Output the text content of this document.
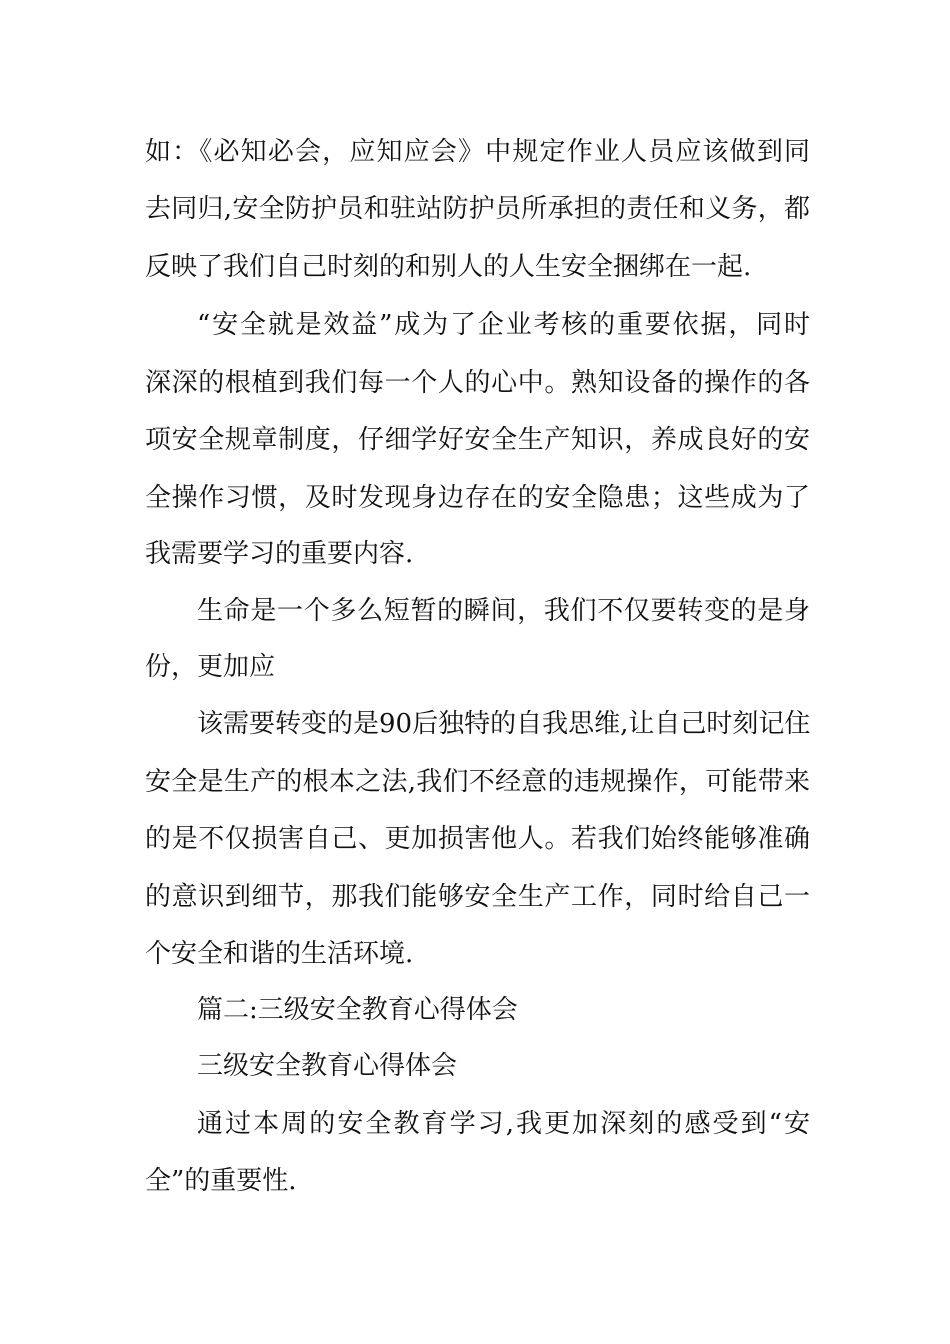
如：《必知必会，应知应会》中规定作业人员应该做到同
去同归,安全防护员和驻站防护员所承担的责任和义务，都
反映了我们自己时刻的和别人的人生安全捆绑在一起.
“安全就是效益”成为了企业考核的重要依据，同时
深深的根植到我们每一个人的心中。熟知设备的操作的各
项安全规章制度，仔细学好安全生产知识，养成良好的安
全操作习惯，及时发现身边存在的安全隐患；这些成为了
我需要学习的重要内容.
生命是一个多么短暂的瞬间，我们不仅要转变的是身
份，更加应
该需要转变的是90后独特的自我思维,让自己时刻记住
安全是生产的根本之法,我们不经意的违规操作，可能带来
的是不仅损害自己、更加损害他人。若我们始终能够准确
的意识到细节，那我们能够安全生产工作，同时给自己一
个安全和谐的生活环境.
篇二:三级安全教育心得体会
三级安全教育心得体会
通过本周的安全教育学习,我更加深刻的感受到“安
全”的重要性.
